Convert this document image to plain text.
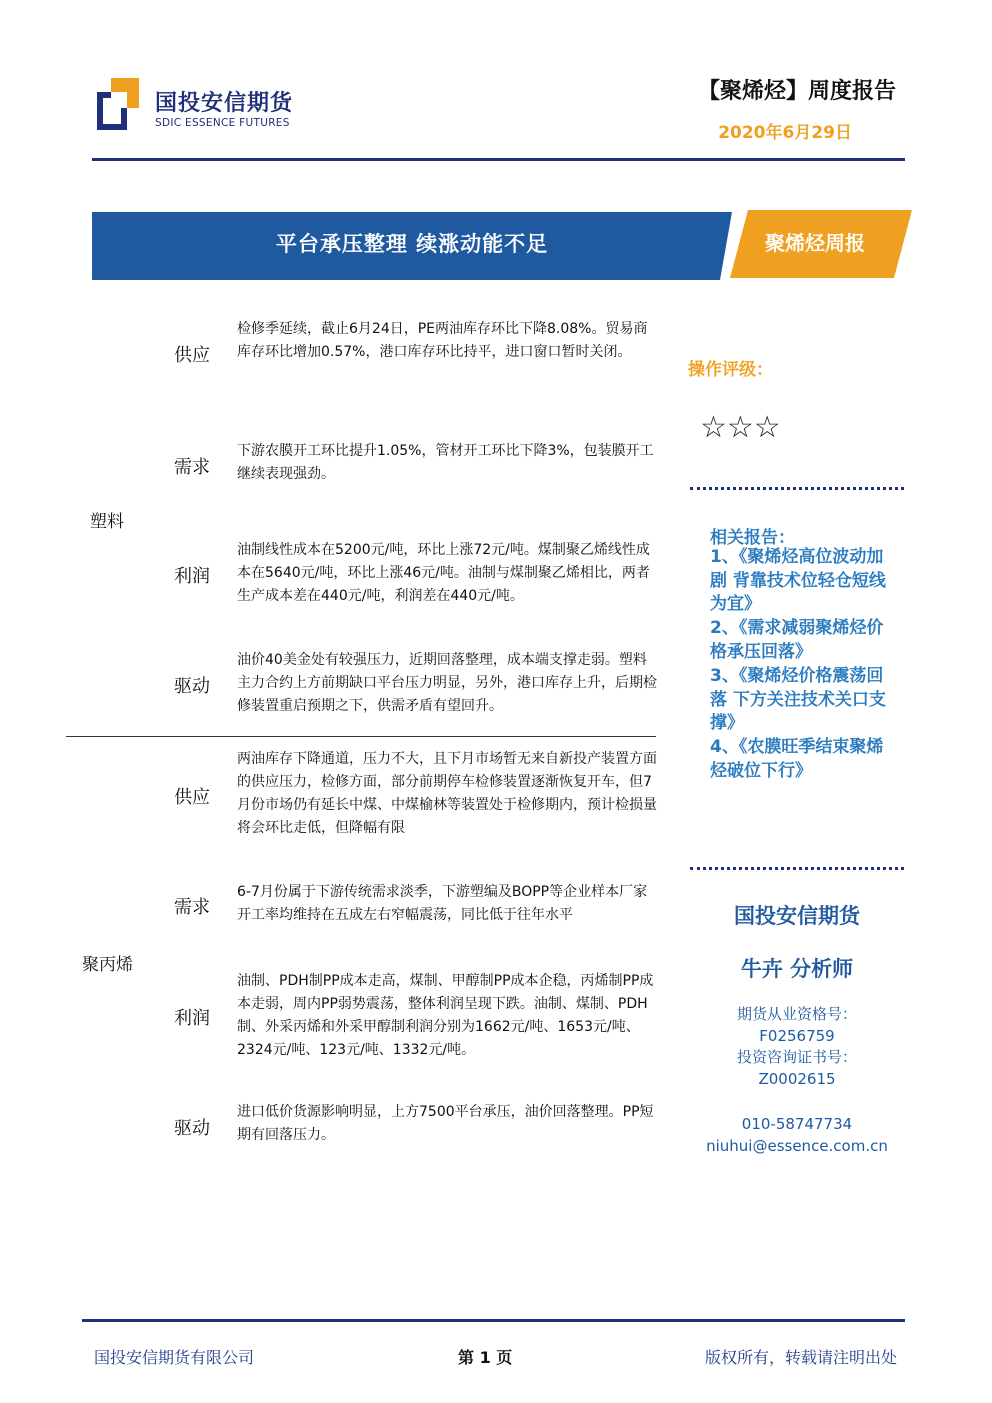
国投安信期货
SDIC ESSENCE FUTURES
【聚烯烃】周度报告
2020年6月29日
平台承压整理 续涨动能不足	聚烯烃周报
塑料
供应
检修季延续，截止6月24日，PE两油库存环比下降8.08%。贸易商库存环比增加0.57%，港口库存环比持平，进口窗口暂时关闭。
需求
下游农膜开工环比提升1.05%，管材开工环比下降3%，包装膜开工继续表现强劲。
利润
油制线性成本在5200元/吨，环比上涨72元/吨。煤制聚乙烯线性成本在5640元/吨，环比上涨46元/吨。油制与煤制聚乙烯相比，两者生产成本差在440元/吨，利润差在440元/吨。
驱动
油价40美金处有较强压力，近期回落整理，成本端支撑走弱。塑料主力合约上方前期缺口平台压力明显，另外，港口库存上升，后期检修装置重启预期之下，供需矛盾有望回升。
聚丙烯
供应
两油库存下降通道，压力不大，且下月市场暂无来自新投产装置方面的供应压力，检修方面，部分前期停车检修装置逐渐恢复开车，但7月份市场仍有延长中煤、中煤榆林等装置处于检修期内，预计检损量将会环比走低，但降幅有限
需求
6-7月份属于下游传统需求淡季，下游塑编及BOPP等企业样本厂家开工率均维持在五成左右窄幅震荡，同比低于往年水平
利润
油制、PDH制PP成本走高，煤制、甲醇制PP成本企稳，丙烯制PP成本走弱，周内PP弱势震荡，整体利润呈现下跌。油制、煤制、PDH制、外采丙烯和外采甲醇制利润分别为1662元/吨、1653元/吨、2324元/吨、123元/吨、1332元/吨。
驱动
进口低价货源影响明显，上方7500平台承压，油价回落整理。PP短期有回落压力。
操作评级：
☆☆☆
相关报告：
1、《聚烯烃高位波动加剧 背靠技术位轻仓短线为宜》
2、《需求减弱聚烯烃价格承压回落》
3、《聚烯烃价格震荡回落 下方关注技术关口支撑》
4、《农膜旺季结束聚烯烃破位下行》
国投安信期货
牛卉 分析师
期货从业资格号：
F0256759
投资咨询证书号：
Z0002615
010-58747734
niuhui@essence.com.cn
国投安信期货有限公司	第 1 页	版权所有，转载请注明出处
